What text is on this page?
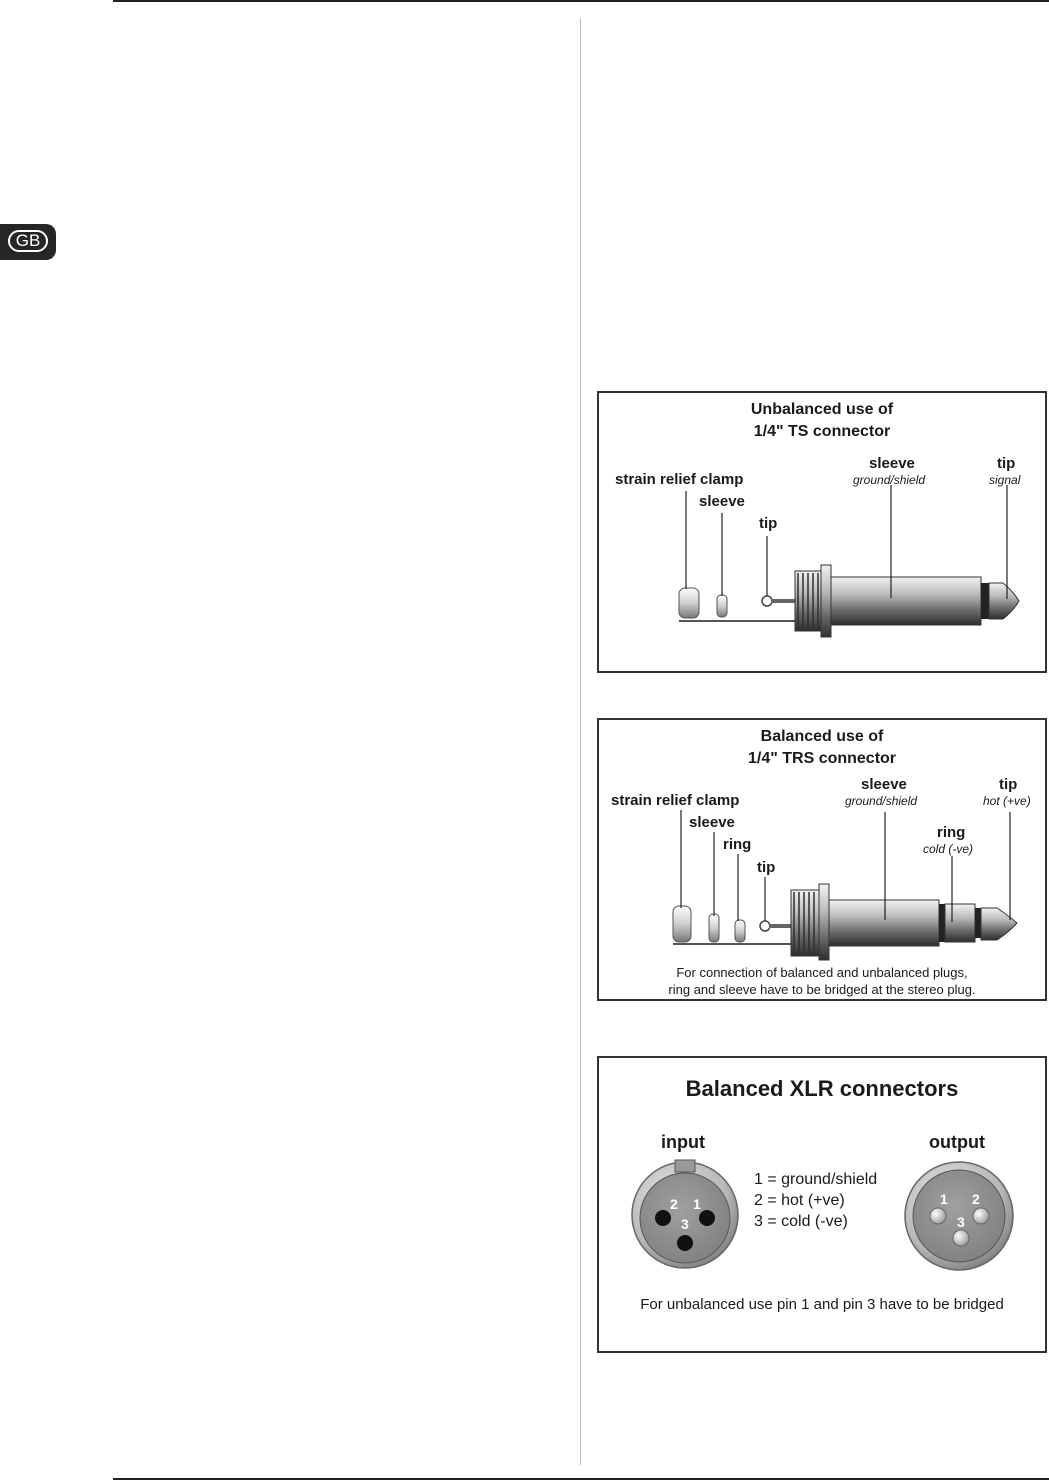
GB
Unbalanced use of
1/4" TS connector
strain relief clamp
sleeve
tip
sleeve
ground/shield
tip
signal
Balanced use of
1/4" TRS connector
strain relief clamp
sleeve
ring
tip
sleeve
ground/shield
ring
cold (-ve)
tip
hot (+ve)
For connection of balanced and unbalanced plugs,
ring and sleeve have to be bridged at the stereo plug.
Balanced XLR connectors
input	output
1 = ground/shield
2 = hot (+ve)
3 = cold (-ve)
2 1
3
1 2
3
For unbalanced use pin 1 and pin 3 have to be bridged
